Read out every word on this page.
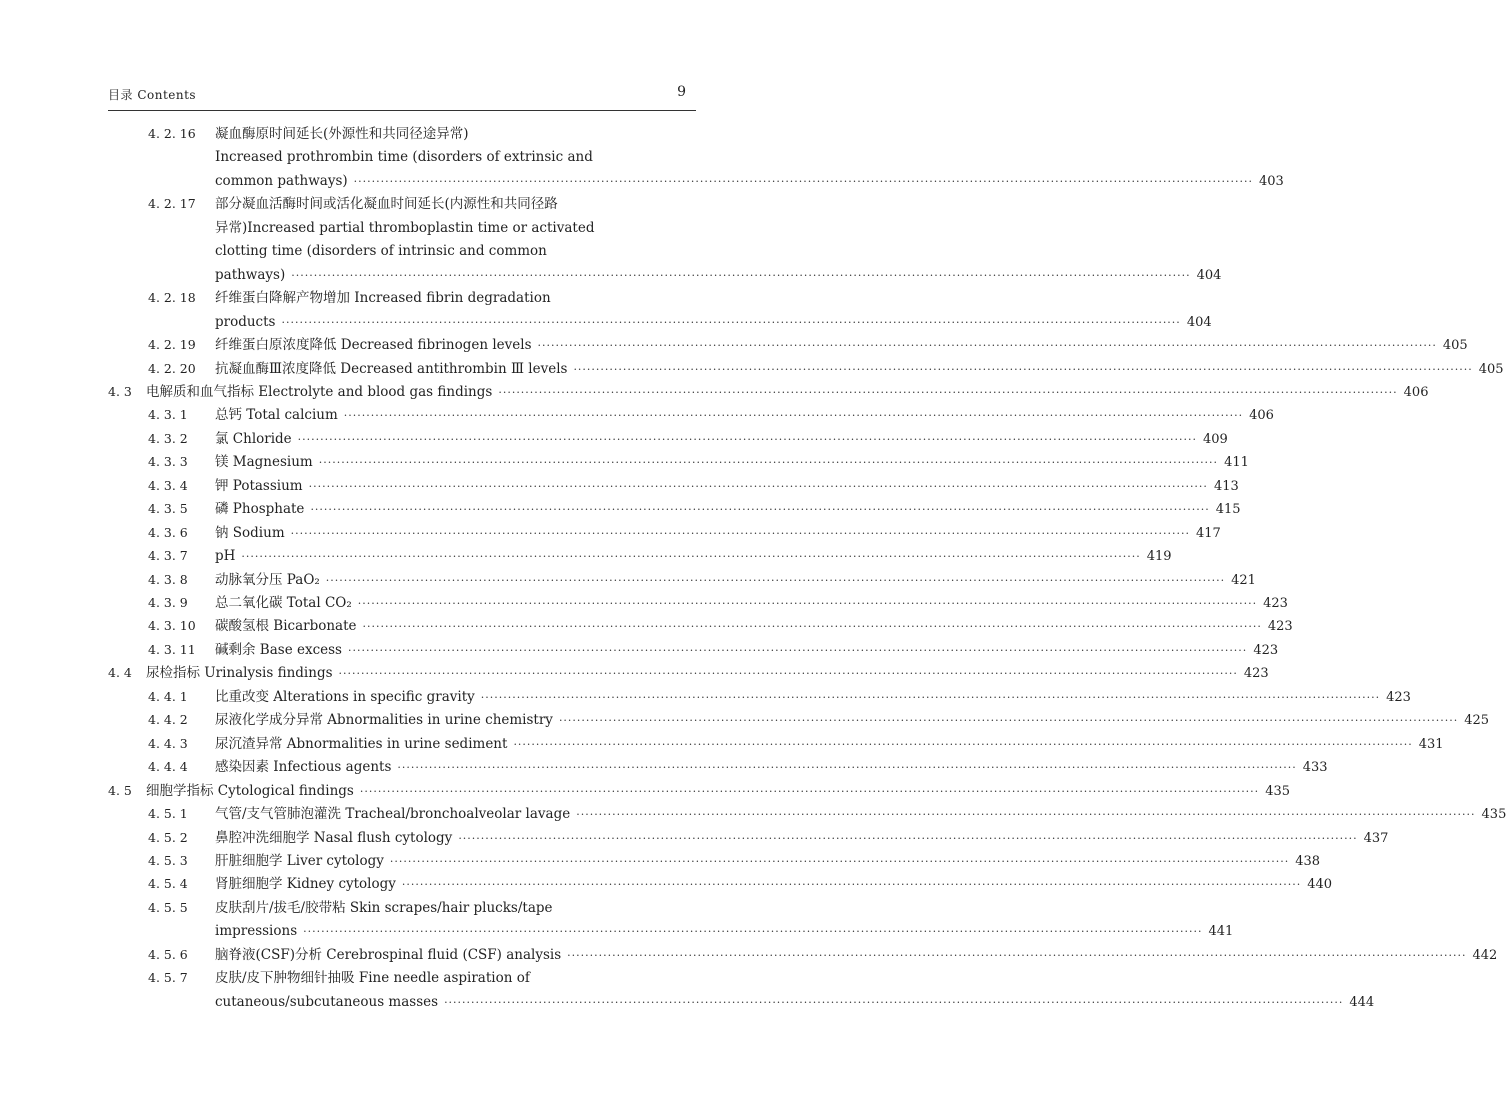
目录 Contents	9
4. 2. 16 凝血酶原时间延长(外源性和共同径途异常)
Increased prothrombin time (disorders of extrinsic and
common pathways) ········································································································································································································ 403
4. 2. 17 部分凝血活酶时间或活化凝血时间延长(内源性和共同径路
异常)Increased partial thromboplastin time or activated
clotting time (disorders of intrinsic and common
pathways) ········································································································································································································ 404
4. 2. 18 纤维蛋白降解产物增加 Increased fibrin degradation
products ········································································································································································································ 404
4. 2. 19 纤维蛋白原浓度降低 Decreased fibrinogen levels ········································································································································································································ 405
4. 2. 20 抗凝血酶Ⅲ浓度降低 Decreased antithrombin Ⅲ levels ········································································································································································································ 405
4. 3 电解质和血气指标 Electrolyte and blood gas findings ········································································································································································································ 406
4. 3. 1 总钙 Total calcium ········································································································································································································ 406
4. 3. 2 氯 Chloride ········································································································································································································ 409
4. 3. 3 镁 Magnesium ········································································································································································································ 411
4. 3. 4 钾 Potassium ········································································································································································································ 413
4. 3. 5 磷 Phosphate ········································································································································································································ 415
4. 3. 6 钠 Sodium ········································································································································································································ 417
4. 3. 7 pH ········································································································································································································ 419
4. 3. 8 动脉氧分压 PaO₂ ········································································································································································································ 421
4. 3. 9 总二氧化碳 Total CO₂ ········································································································································································································ 423
4. 3. 10 碳酸氢根 Bicarbonate ········································································································································································································ 423
4. 3. 11 碱剩余 Base excess ········································································································································································································ 423
4. 4 尿检指标 Urinalysis findings ········································································································································································································ 423
4. 4. 1 比重改变 Alterations in specific gravity ········································································································································································································ 423
4. 4. 2 尿液化学成分异常 Abnormalities in urine chemistry ········································································································································································································ 425
4. 4. 3 尿沉渣异常 Abnormalities in urine sediment ········································································································································································································ 431
4. 4. 4 感染因素 Infectious agents ········································································································································································································ 433
4. 5 细胞学指标 Cytological findings ········································································································································································································ 435
4. 5. 1 气管/支气管肺泡灌洗 Tracheal/bronchoalveolar lavage ········································································································································································································ 435
4. 5. 2 鼻腔冲洗细胞学 Nasal flush cytology ········································································································································································································ 437
4. 5. 3 肝脏细胞学 Liver cytology ········································································································································································································ 438
4. 5. 4 肾脏细胞学 Kidney cytology ········································································································································································································ 440
4. 5. 5 皮肤刮片/拔毛/胶带粘 Skin scrapes/hair plucks/tape
impressions ········································································································································································································ 441
4. 5. 6 脑脊液(CSF)分析 Cerebrospinal fluid (CSF) analysis ········································································································································································································ 442
4. 5. 7 皮肤/皮下肿物细针抽吸 Fine needle aspiration of
cutaneous/subcutaneous masses ········································································································································································································ 444
